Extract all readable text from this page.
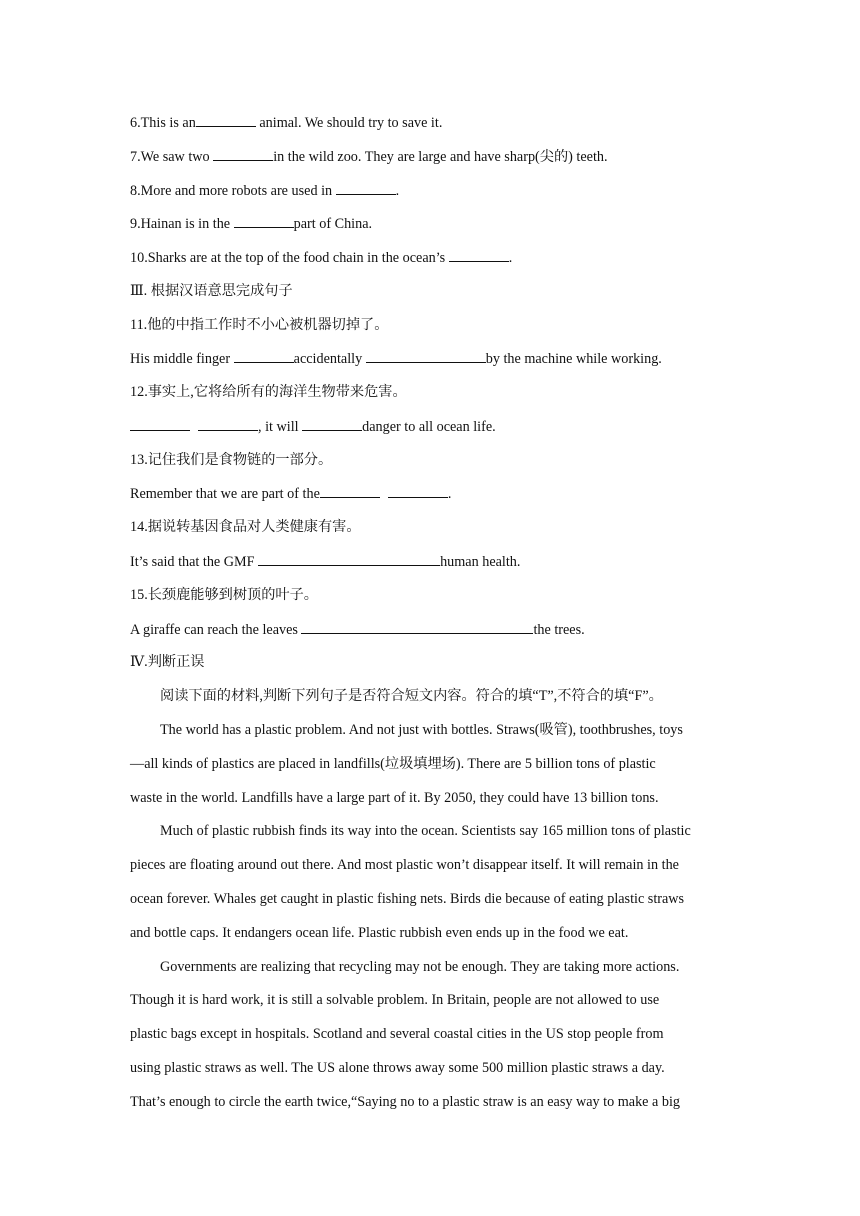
6.This is an	animal. We should try to save it.
7.We saw two	in the wild zoo. They are large and have sharp(尖的) teeth.
8.More and more robots are used in	.
9.Hainan is in the	part of China.
10.Sharks are at the top of the food chain in the ocean’s	.
Ⅲ. 根据汉语意思完成句子
11.他的中指工作时不小心被机器切掉了。
His middle finger	accidentally	by the machine while working.
12.事实上,它将给所有的海洋生物带来危害。
, it will	danger to all ocean life.
13.记住我们是食物链的一部分。
Remember that we are part of the	.
14.据说转基因食品对人类健康有害。
It’s said that the GMF	human health.
15.长颈鹿能够到树顶的叶子。
A giraffe can reach the leaves	the trees.
Ⅳ.判断正误
阅读下面的材料,判断下列句子是否符合短文内容。符合的填“T”,不符合的填“F”。
The world has a plastic problem. And not just with bottles. Straws(吸管), toothbrushes, toys
—all kinds of plastics are placed in landfills(垃圾填埋场). There are 5 billion tons of plastic
waste in the world. Landfills have a large part of it. By 2050, they could have 13 billion tons.
Much of plastic rubbish finds its way into the ocean. Scientists say 165 million tons of plastic
pieces are floating around out there. And most plastic won’t disappear itself. It will remain in the
ocean forever. Whales get caught in plastic fishing nets. Birds die because of eating plastic straws
and bottle caps. It endangers ocean life. Plastic rubbish even ends up in the food we eat.
Governments are realizing that recycling may not be enough. They are taking more actions.
Though it is hard work, it is still a solvable problem. In Britain, people are not allowed to use
plastic bags except in hospitals. Scotland and several coastal cities in the US stop people from
using plastic straws as well. The US alone throws away some 500 million plastic straws a day.
That’s enough to circle the earth twice,“Saying no to a plastic straw is an easy way to make a big
